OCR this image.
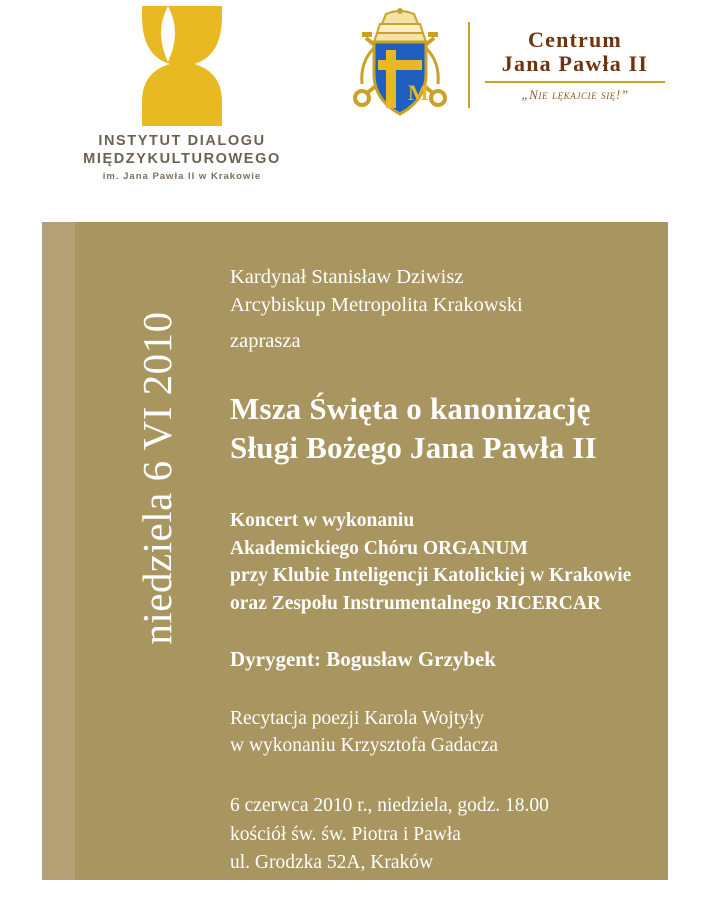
INSTYTUT DIALOGU
MIĘDZYKULTUROWEGO
im. Jana Pawła II w Krakowie
M
Centrum
Jana Pawła II
„Nie lękajcie się!”
niedziela 6 VI 2010
Kardynał Stanisław Dziwisz
Arcybiskup Metropolita Krakowski
zaprasza
Msza Święta o kanonizację
Sługi Bożego Jana Pawła II
Koncert w wykonaniu
Akademickiego Chóru ORGANUM
przy Klubie Inteligencji Katolickiej w Krakowie
oraz Zespołu Instrumentalnego RICERCAR
Dyrygent: Bogusław Grzybek
Recytacja poezji Karola Wojtyły
w wykonaniu Krzysztofa Gadacza
6 czerwca 2010 r., niedziela, godz. 18.00
kościół św. św. Piotra i Pawła
ul. Grodzka 52A, Kraków
